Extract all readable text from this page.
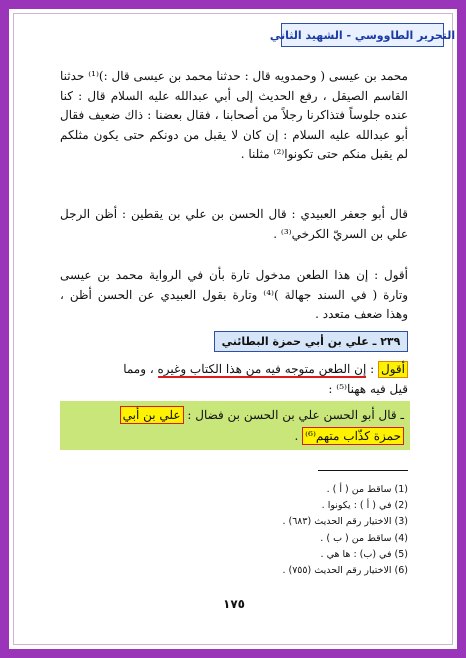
التحرير الطاووسي - الشهيد الثاني
محمد بن عيسى ( وحمدويه قال : حدثنا محمد بن عيسى قال :)⁽¹⁾ حدثنا القاسم الصيقل ، رفع الحديث إلى أبي عبدالله عليه السلام قال : كنا عنده جلوساً فتذاكرنا رجلاً من أصحابنا ، فقال بعضنا : ذاك ضعيف فقال أبو عبدالله عليه السلام : إن كان لا يقبل من دونكم حتى يكون مثلكم لم يقبل منكم حتى تكونوا⁽²⁾ مثلنا .
قال أبو جعفر العبيدي : قال الحسن بن علي بن يقطين : أظن الرجل علي بن السريّ الكرخي⁽³⁾ .
أقول : إن هذا الطعن مدخول تارة بأن في الرواية محمد بن عيسى وتارة ( في السند جهالة )⁽⁴⁾ وتارة بقول العبيدي عن الحسن أظن ، وهذا ضعف متعدد .
٢٣٩ ـ علي بن أبي حمزة البطائني
أقول : إن الطعن متوجه فيه من هذا الكتاب وغيره ، ومما
قيل فيه ههنا⁽⁵⁾ :
ـ قال أبو الحسن علي بن الحسن بن فضال : علي بن أبي
حمزة كذّاب متهم⁽⁶⁾ .
(1) ساقط من ( أ ) .
(2) في ( أ ) : يكونوا .
(3) الاختيار رقم الحديث (٦٨٣) .
(4) ساقط من ( ب ) .
(5) في (ب) : ها هي .
(6) الاختيار رقم الحديث (٧٥٥) .
١٧٥
